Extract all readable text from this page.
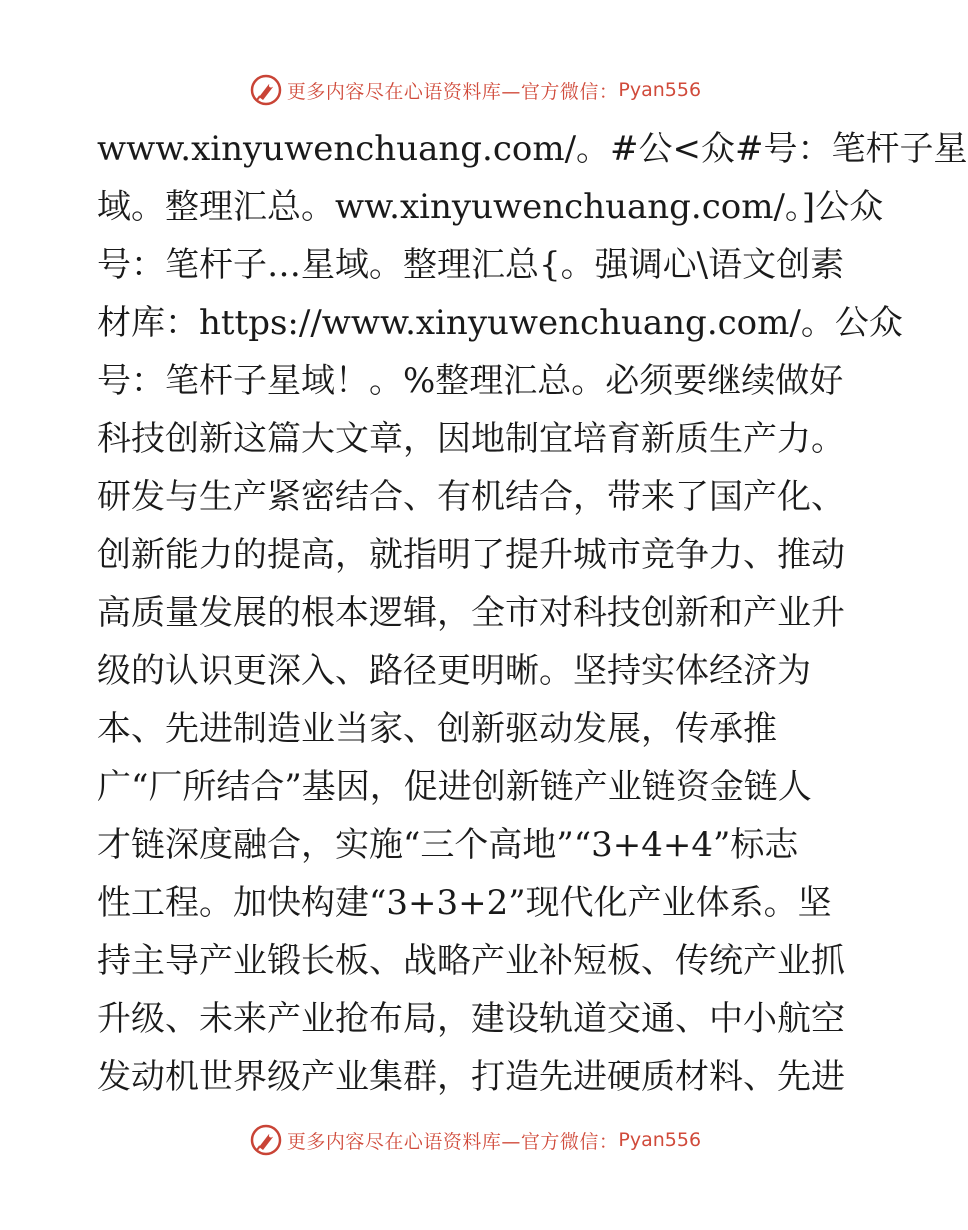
更多内容尽在心语资料库—官方微信： Pyan556
www.xinyuwenchuang.com/。#公<众#号：笔杆子星
域。整理汇总。ww.xinyuwenchuang.com/。]公众
号：笔杆子…星域。整理汇总{。强调心\语文创素
材库：https://www.xinyuwenchuang.com/。公众
号：笔杆子星域！。%整理汇总。必须要继续做好
科技创新这篇大文章，因地制宜培育新质生产力。
研发与生产紧密结合、有机结合，带来了国产化、
创新能力的提高，就指明了提升城市竞争力、推动
高质量发展的根本逻辑，全市对科技创新和产业升
级的认识更深入、路径更明晰。坚持实体经济为
本、先进制造业当家、创新驱动发展，传承推
广“厂所结合”基因，促进创新链产业链资金链人
才链深度融合，实施“三个高地”“3+4+4”标志
性工程。加快构建“3+3+2”现代化产业体系。坚
持主导产业锻长板、战略产业补短板、传统产业抓
升级、未来产业抢布局，建设轨道交通、中小航空
发动机世界级产业集群，打造先进硬质材料、先进
更多内容尽在心语资料库—官方微信： Pyan556
